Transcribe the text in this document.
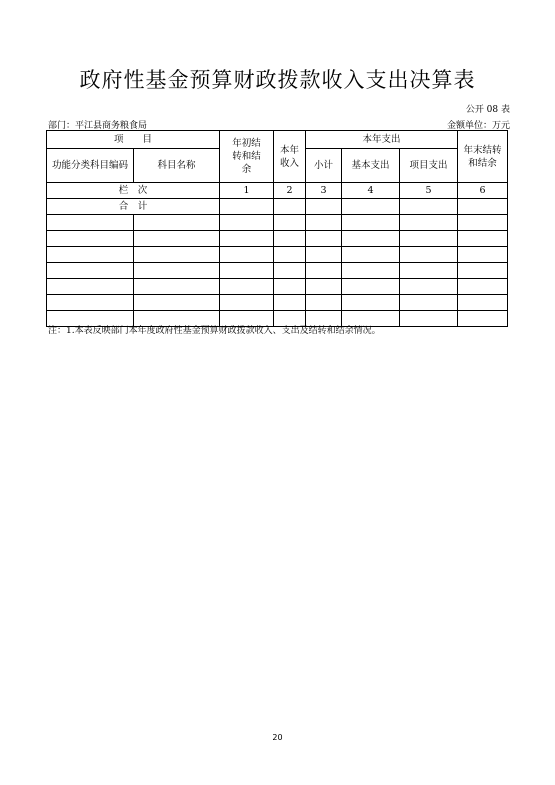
政府性基金预算财政拨款收入支出决算表
公开 08 表
部门：平江县商务粮食局	金额单位：万元
项　　目		年初结转和结余	本年收入	本年支出			年末结转和结余

功能分类科目编码	科目名称			小计	基本支出	项目支出	
栏　次		1	2	3	4	5	6
合　计							

注：1.本表反映部门本年度政府性基金预算财政拨款收入、支出及结转和结余情况。
20
